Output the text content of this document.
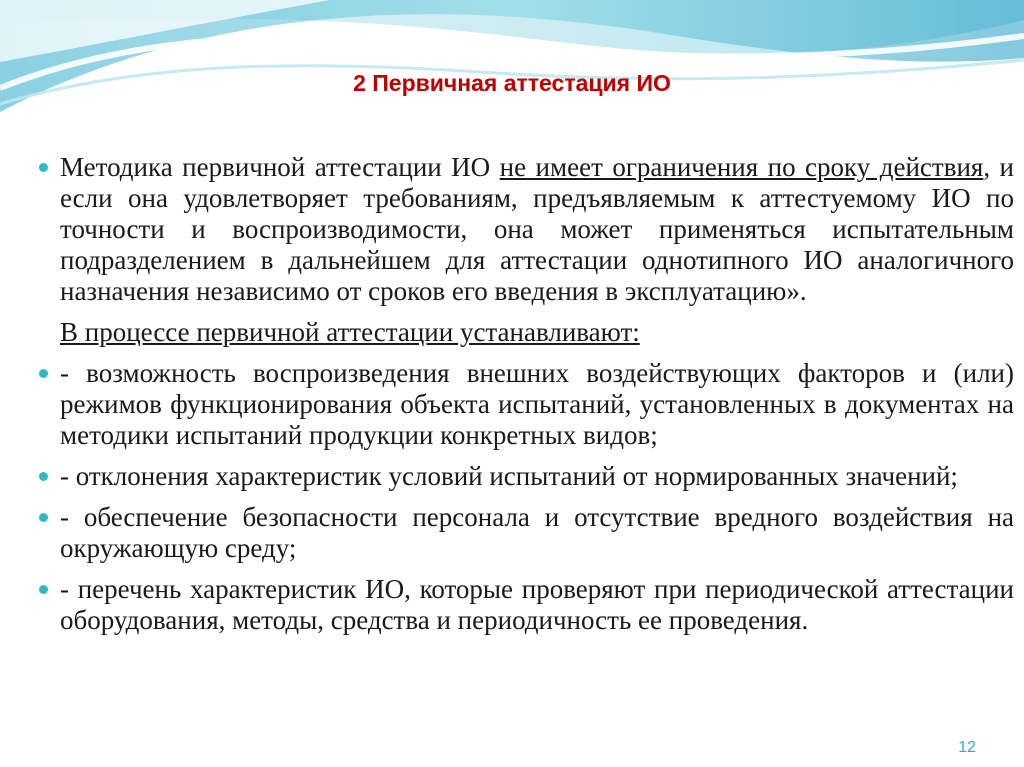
2 Первичная аттестация ИО

Методика первичной аттестации ИО не имеет ограничения по сроку действия, и если она удовлетворяет требованиям, предъявляемым к аттестуемому ИО по точности и воспроизводимости, она может применяться испытательным подразделением в дальнейшем для аттестации однотипного ИО аналогичного назначения независимо от сроков его введения в эксплуатацию».

В процессе первичной аттестации устанавливают:

- возможность воспроизведения внешних воздействующих факторов и (или) режимов функционирования объекта испытаний, установленных в документах на методики испытаний продукции конкретных видов;

- отклонения характеристик условий испытаний от нормированных значений;

- обеспечение безопасности персонала и отсутствие вредного воздействия на окружающую среду;

- перечень характеристик ИО, которые проверяют при периодической аттестации оборудования, методы, средства и периодичность ее проведения.

12
